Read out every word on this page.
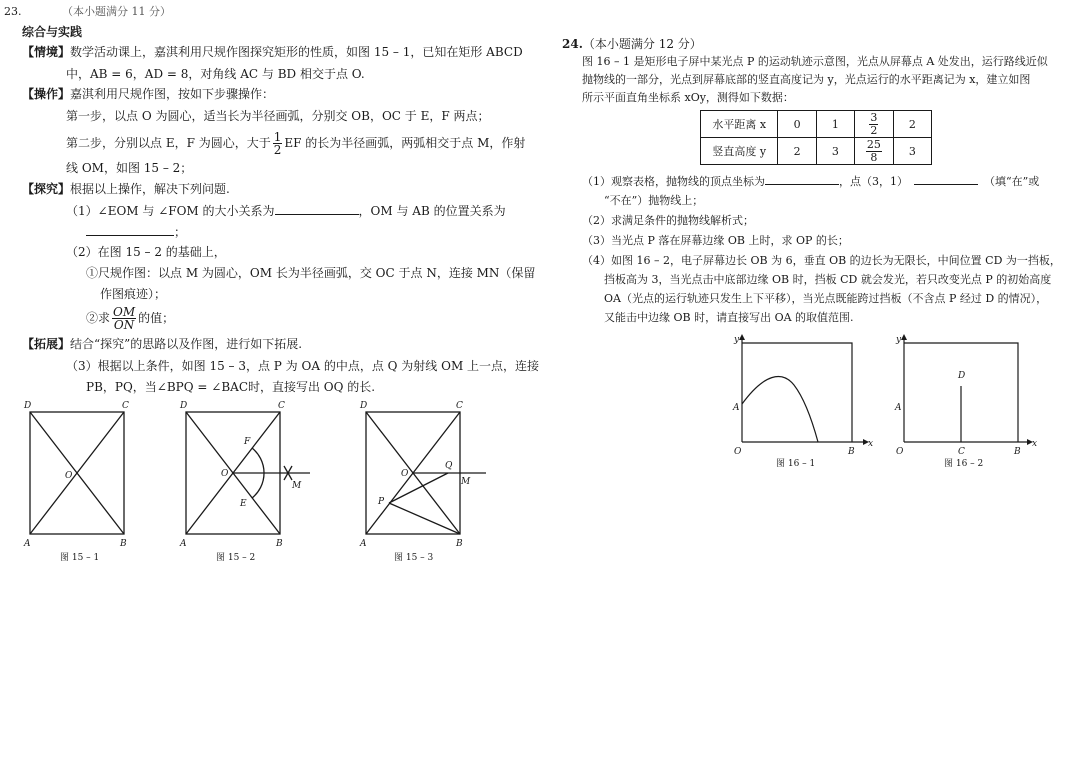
23.	（本小题满分 11 分）
综合与实践
【情境】数学活动课上，嘉淇利用尺规作图探究矩形的性质，如图 15 – 1，已知在矩形 ABCD
中，AB = 6，AD = 8，对角线 AC 与 BD 相交于点 O.
【操作】嘉淇利用尺规作图，按如下步骤操作：
第一步，以点 O 为圆心，适当长为半径画弧，分别交 OB，OC 于 E，F 两点；
第二步，分别以点 E，F 为圆心，大于 $\frac{1}{2}$ EF 的长为半径画弧，两弧相交于点 M，作射
线 OM，如图 15 – 2；
【探究】根据以上操作，解决下列问题.
（1）∠EOM 与 ∠FOM 的大小关系为	，OM 与 AB 的位置关系为
；
（2）在图 15 – 2 的基础上，
①尺规作图：以点 M 为圆心，OM 长为半径画弧，交 OC 于点 N，连接 MN（保留
作图痕迹）；
②求 $\frac{OM}{ON}$ 的值；
【拓展】结合“探究”的思路以及作图，进行如下拓展.
（3）根据以上条件，如图 15 – 3，点 P 为 OA 的中点，点 Q 为射线 OM 上一点，连接
PB，PQ，当∠BPQ = ∠BAC时，直接写出 OQ 的长.
D	C
A	B
O
D	C
A	B
O
F
E
M
D	C
A	B
O
Q
M
P
图 15 – 1	图 15 – 2	图 15 – 3
24.（本小题满分 12 分）
图 16 – 1 是矩形电子屏中某光点 P 的运动轨迹示意图，光点从屏幕点 A 处发出，运行路线近似
抛物线的一部分，光点到屏幕底部的竖直高度记为 y，光点运行的水平距离记为 x，建立如图
所示平面直角坐标系 xOy，测得如下数据：
水平距离 x	0	1	$\frac{3}{2}$	2
竖直高度 y	2	3	$\frac{25}{8}$	3
（1）观察表格，抛物线的顶点坐标为	，点（3，1）	（填“在”或
“不在”）抛物线上；
（2）求满足条件的抛物线解析式；
（3）当光点 P 落在屏幕边缘 OB 上时，求 OP 的长；
（4）如图 16 – 2，电子屏幕边长 OB 为 6，垂直 OB 的边长为无限长，中间位置 CD 为一挡板，
挡板高为 3，当光点击中底部边缘 OB 时，挡板 CD 就会发光，若只改变光点 P 的初始高度
OA（光点的运行轨迹只发生上下平移），当光点既能跨过挡板（不含点 P 经过 D 的情况），
又能击中边缘 OB 时，请直接写出 OA 的取值范围.
y
x
A
O	B
y
x
A
O	B
C
D
图 16 – 1	图 16 – 2
